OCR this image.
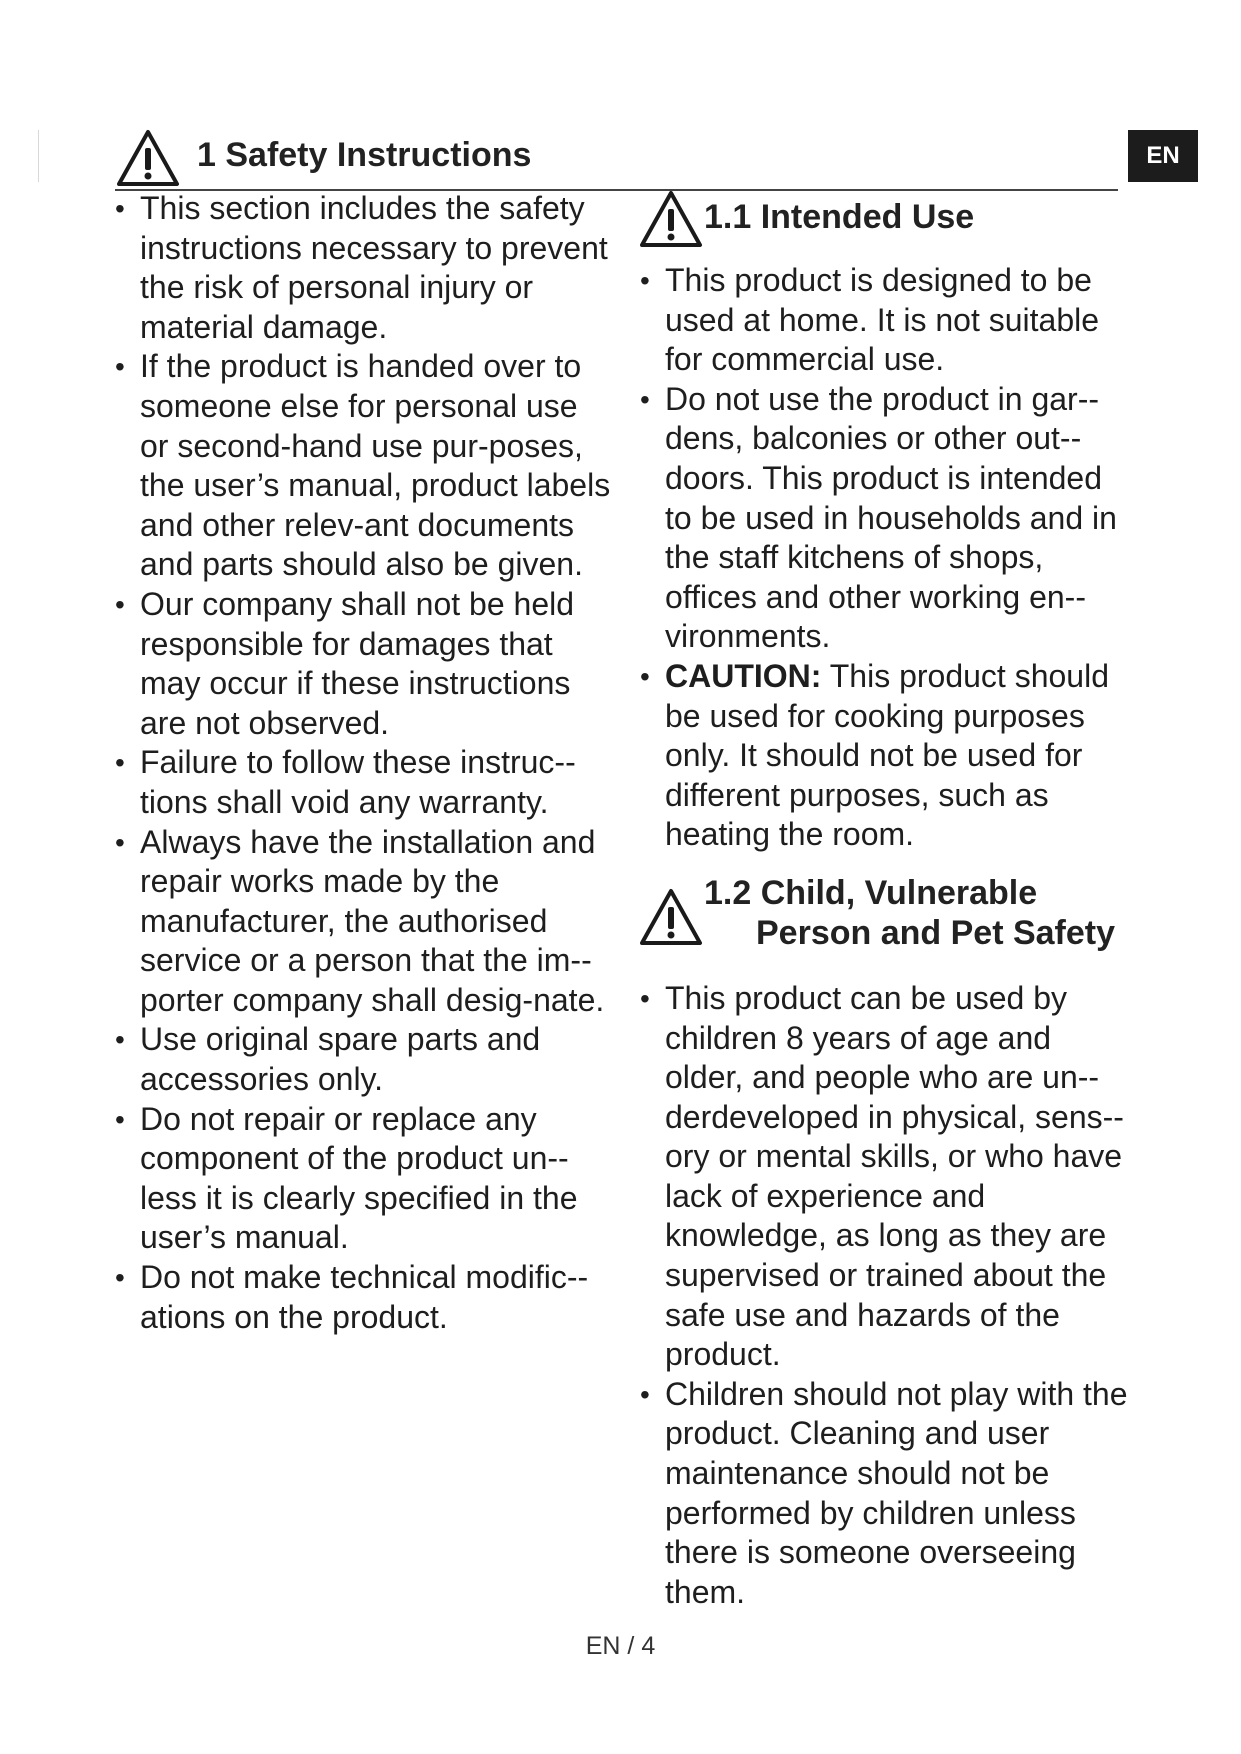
EN
1 Safety Instructions
• This section includes the safety instructions necessary to prevent the risk of personal injury or material damage.
• If the product is handed over to someone else for personal use or second-hand use pur-poses, the user’s manual, product labels and other relev-ant documents and parts should also be given.
• Our company shall not be held responsible for damages that may occur if these instructions are not observed.
• Failure to follow these instruc-tions shall void any warranty.
• Always have the installation and repair works made by the manufacturer, the authorised service or a person that the im-porter company shall desig-nate.
• Use original spare parts and accessories only.
• Do not repair or replace any component of the product un-less it is clearly specified in the user’s manual.
• Do not make technical modific-ations on the product.
1.1 Intended Use
• This product is designed to be used at home. It is not suitable for commercial use.
• Do not use the product in gar-dens, balconies or other out-doors. This product is intended to be used in households and in the staff kitchens of shops, offices and other working en-vironments.
• CAUTION: This product should be used for cooking purposes only. It should not be used for different purposes, such as heating the room.
1.2 Child, Vulnerable
Person and Pet Safety
• This product can be used by children 8 years of age and older, and people who are un-derdeveloped in physical, sens-ory or mental skills, or who have lack of experience and knowledge, as long as they are supervised or trained about the safe use and hazards of the product.
• Children should not play with the product. Cleaning and user maintenance should not be performed by children unless there is someone overseeing them.
EN / 4
